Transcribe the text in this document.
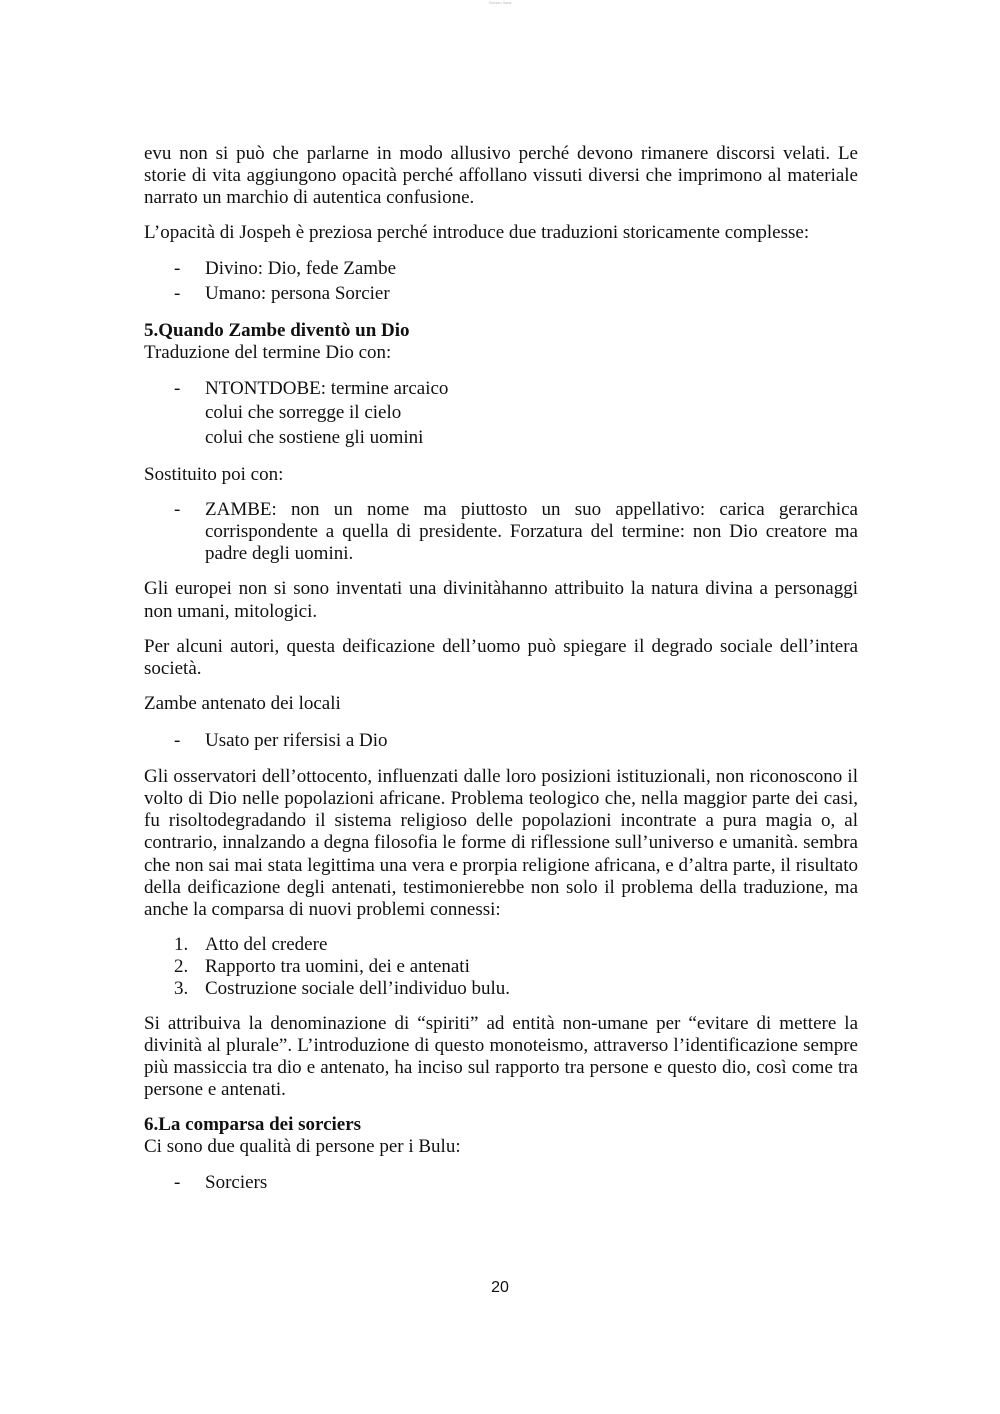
Grosso Ilaria

evu non si può che parlarne in modo allusivo perché devono rimanere discorsi velati. Le storie di vita aggiungono opacità perché affollano vissuti diversi che imprimono al materiale narrato un marchio di autentica confusione.

L’opacità di Jospeh è preziosa perché introduce due traduzioni storicamente complesse:

- Divino: Dio, fede Zambe
- Umano: persona Sorcier
5.Quando Zambe diventò un Dio

Traduzione del termine Dio con:

- NTONTDOBE: termine arcaico
colui che sorregge il cielo
colui che sostiene gli uomini

Sostituito poi con:

- ZAMBE: non un nome ma piuttosto un suo appellativo: carica gerarchica corrispondente a quella di presidente. Forzatura del termine: non Dio creatore ma padre degli uomini.

Gli europei non si sono inventati una divinitàhanno attribuito la natura divina a personaggi non umani, mitologici.

Per alcuni autori, questa deificazione dell’uomo può spiegare il degrado sociale dell’intera società.

Zambe antenato dei locali

- Usato per rifersisi a Dio

Gli osservatori dell’ottocento, influenzati dalle loro posizioni istituzionali, non riconoscono il volto di Dio nelle popolazioni africane. Problema teologico che, nella maggior parte dei casi, fu risoltodegradando il sistema religioso delle popolazioni incontrate a pura magia o, al contrario, innalzando a degna filosofia le forme di riflessione sull’universo e umanità. sembra che non sai mai stata legittima una vera e prorpia religione africana, e d’altra parte, il risultato della deificazione degli antenati, testimonierebbe non solo il problema della traduzione, ma anche la comparsa di nuovi problemi connessi:

1. Atto del credere
2. Rapporto tra uomini, dei e antenati
3. Costruzione sociale dell’individuo bulu.

Si attribuiva la denominazione di “spiriti” ad entità non-umane per “evitare di mettere la divinità al plurale”. L’introduzione di questo monoteismo, attraverso l’identificazione sempre più massiccia tra dio e antenato, ha inciso sul rapporto tra persone e questo dio, così come tra persone e antenati.

6.La comparsa dei sorciers

Ci sono due qualità di persone per i Bulu:

- Sorciers
20
